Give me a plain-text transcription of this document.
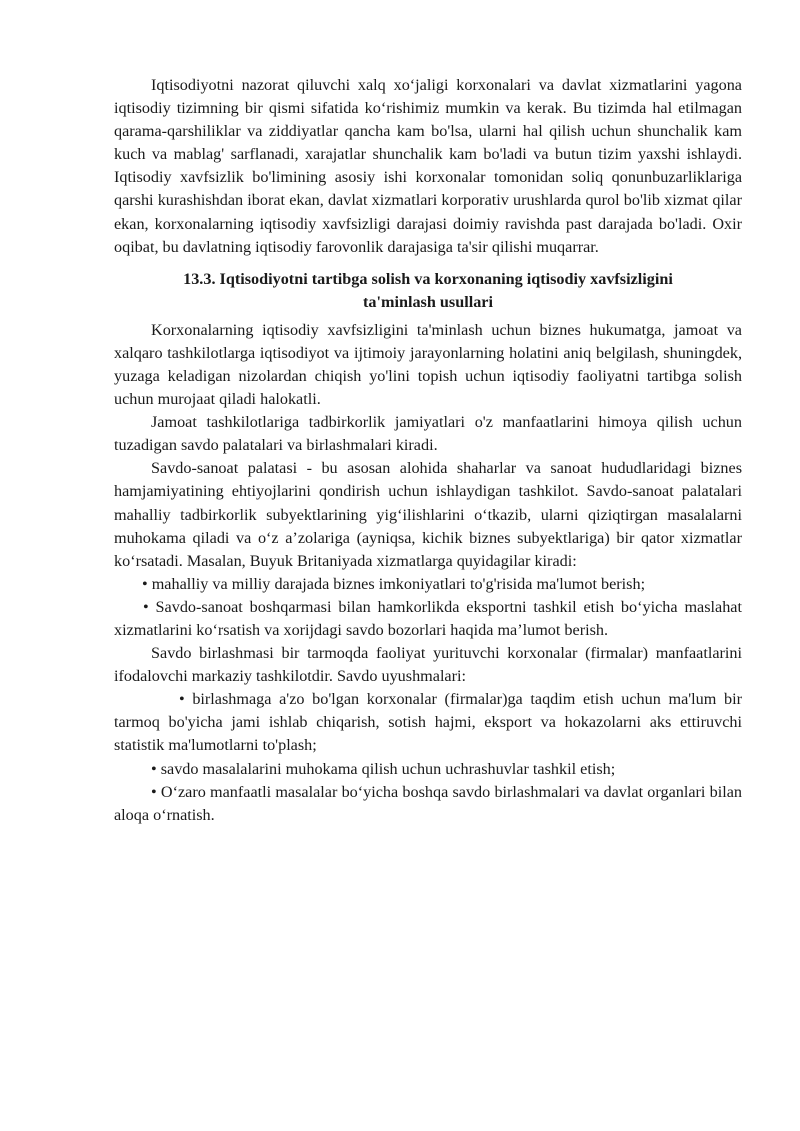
Iqtisodiyotni nazorat qiluvchi xalq xo‘jaligi korxonalari va davlat xizmatlarini yagona iqtisodiy tizimning bir qismi sifatida ko‘rishimiz mumkin va kerak. Bu tizimda hal etilmagan qarama-qarshiliklar va ziddiyatlar qancha kam bo'lsa, ularni hal qilish uchun shunchalik kam kuch va mablag' sarflanadi, xarajatlar shunchalik kam bo'ladi va butun tizim yaxshi ishlaydi. Iqtisodiy xavfsizlik bo'limining asosiy ishi korxonalar tomonidan soliq qonunbuzarliklariga qarshi kurashishdan iborat ekan, davlat xizmatlari korporativ urushlarda qurol bo'lib xizmat qilar ekan, korxonalarning iqtisodiy xavfsizligi darajasi doimiy ravishda past darajada bo'ladi. Oxir oqibat, bu davlatning iqtisodiy farovonlik darajasiga ta'sir qilishi muqarrar.

13.3. Iqtisodiyotni tartibga solish va korxonaning iqtisodiy xavfsizligini
ta'minlash usullari

Korxonalarning iqtisodiy xavfsizligini ta'minlash uchun biznes hukumatga, jamoat va xalqaro tashkilotlarga iqtisodiyot va ijtimoiy jarayonlarning holatini aniq belgilash, shuningdek, yuzaga keladigan nizolardan chiqish yo'lini topish uchun iqtisodiy faoliyatni tartibga solish uchun murojaat qiladi halokatli.

Jamoat tashkilotlariga tadbirkorlik jamiyatlari o'z manfaatlarini himoya qilish uchun tuzadigan savdo palatalari va birlashmalari kiradi.

Savdo-sanoat palatasi - bu asosan alohida shaharlar va sanoat hududlaridagi biznes hamjamiyatining ehtiyojlarini qondirish uchun ishlaydigan tashkilot. Savdo-sanoat palatalari mahalliy tadbirkorlik subyektlarining yig‘ilishlarini o‘tkazib, ularni qiziqtirgan masalalarni muhokama qiladi va o‘z a’zolariga (ayniqsa, kichik biznes subyektlariga) bir qator xizmatlar ko‘rsatadi. Masalan, Buyuk Britaniyada xizmatlarga quyidagilar kiradi:

• mahalliy va milliy darajada biznes imkoniyatlari to'g'risida ma'lumot berish;

• Savdo-sanoat boshqarmasi bilan hamkorlikda eksportni tashkil etish bo‘yicha maslahat xizmatlarini ko‘rsatish va xorijdagi savdo bozorlari haqida ma’lumot berish.

Savdo birlashmasi bir tarmoqda faoliyat yurituvchi korxonalar (firmalar) manfaatlarini ifodalovchi markaziy tashkilotdir. Savdo uyushmalari:

• birlashmaga a'zo bo'lgan korxonalar (firmalar)ga taqdim etish uchun ma'lum bir tarmoq bo'yicha jami ishlab chiqarish, sotish hajmi, eksport va hokazolarni aks ettiruvchi statistik ma'lumotlarni to'plash;

• savdo masalalarini muhokama qilish uchun uchrashuvlar tashkil etish;

• O‘zaro manfaatli masalalar bo‘yicha boshqa savdo birlashmalari va davlat organlari bilan aloqa o‘rnatish.
